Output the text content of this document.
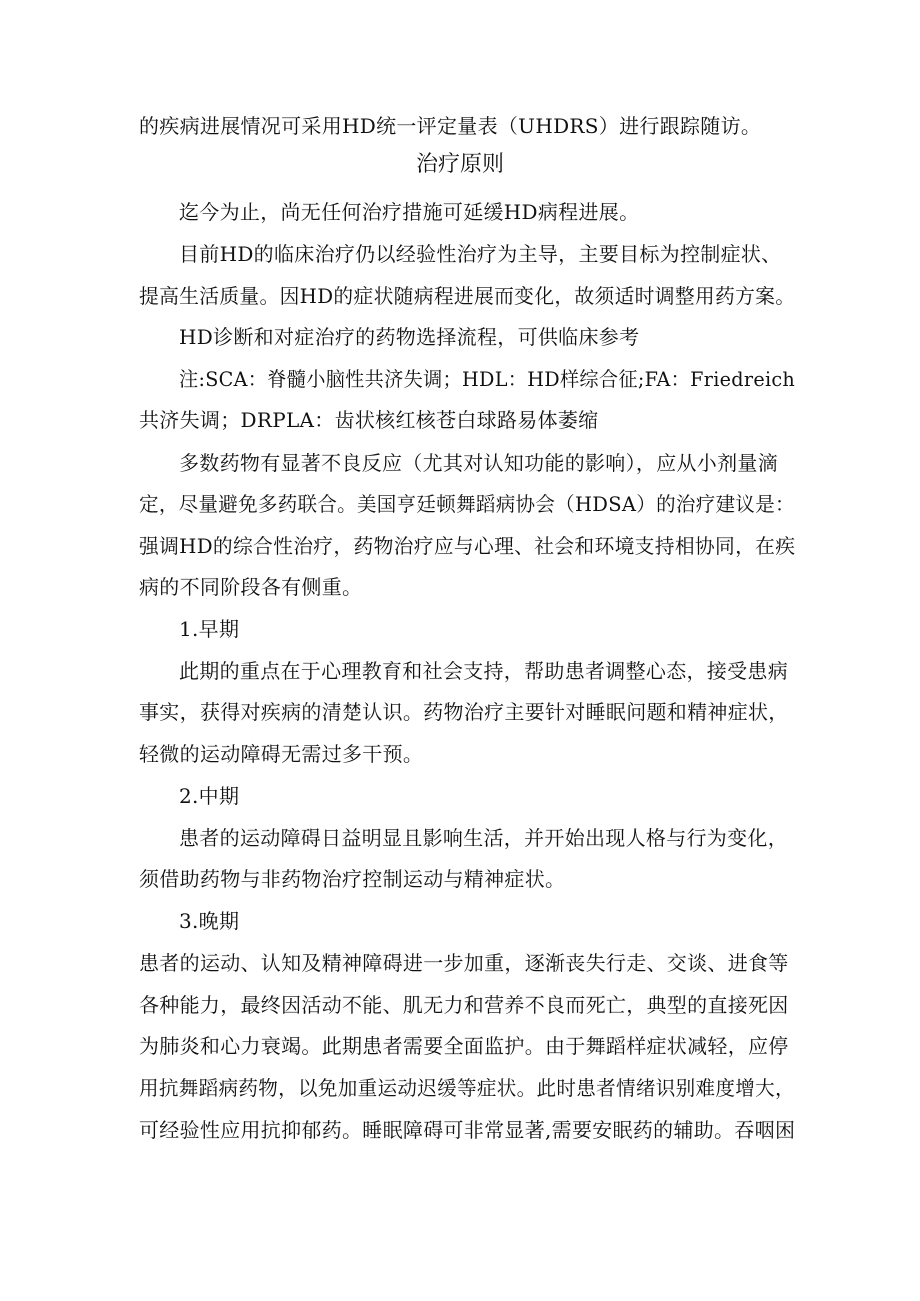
的疾病进展情况可采用HD统一评定量表（UHDRS）进行跟踪随访。
治疗原则
迄今为止，尚无任何治疗措施可延缓HD病程进展。
目前HD的临床治疗仍以经验性治疗为主导，主要目标为控制症状、
提高生活质量。因HD的症状随病程进展而变化，故须适时调整用药方案。
HD诊断和对症治疗的药物选择流程，可供临床参考
注:SCA：脊髓小脑性共济失调；HDL：HD样综合征;FA：Friedreich
共济失调；DRPLA：齿状核红核苍白球路易体萎缩
多数药物有显著不良反应（尤其对认知功能的影响），应从小剂量滴
定，尽量避免多药联合。美国亨廷顿舞蹈病协会（HDSA）的治疗建议是：
强调HD的综合性治疗，药物治疗应与心理、社会和环境支持相协同，在疾
病的不同阶段各有侧重。
1.早期
此期的重点在于心理教育和社会支持，帮助患者调整心态，接受患病
事实，获得对疾病的清楚认识。药物治疗主要针对睡眠问题和精神症状，
轻微的运动障碍无需过多干预。
2.中期
患者的运动障碍日益明显且影响生活，并开始出现人格与行为变化，
须借助药物与非药物治疗控制运动与精神症状。
3.晚期
患者的运动、认知及精神障碍进一步加重，逐渐丧失行走、交谈、进食等
各种能力，最终因活动不能、肌无力和营养不良而死亡，典型的直接死因
为肺炎和心力衰竭。此期患者需要全面监护。由于舞蹈样症状减轻，应停
用抗舞蹈病药物，以免加重运动迟缓等症状。此时患者情绪识别难度增大，
可经验性应用抗抑郁药。睡眠障碍可非常显著,需要安眠药的辅助。吞咽困
